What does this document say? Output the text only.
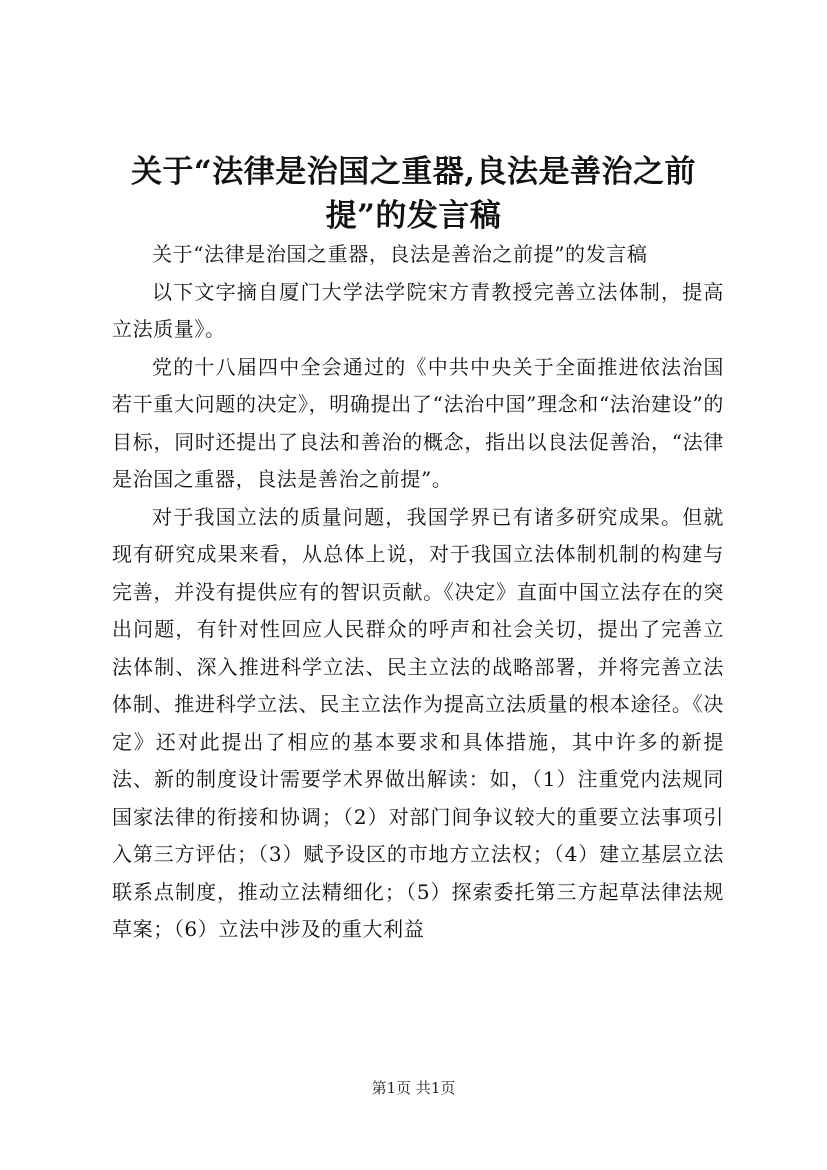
关于“法律是治国之重器,良法是善治之前
提”的发言稿

关于“法律是治国之重器，良法是善治之前提”的发言稿

以下文字摘自厦门大学法学院宋方青教授完善立法体制，提高立法质量》。

党的十八届四中全会通过的《中共中央关于全面推进依法治国若干重大问题的决定》，明确提出了“法治中国”理念和“法治建设”的目标，同时还提出了良法和善治的概念，指出以良法促善治，“法律是治国之重器，良法是善治之前提”。

对于我国立法的质量问题，我国学界已有诸多研究成果。但就现有研究成果来看，从总体上说，对于我国立法体制机制的构建与完善，并没有提供应有的智识贡献。《决定》直面中国立法存在的突出问题，有针对性回应人民群众的呼声和社会关切，提出了完善立法体制、深入推进科学立法、民主立法的战略部署，并将完善立法体制、推进科学立法、民主立法作为提高立法质量的根本途径。《决定》还对此提出了相应的基本要求和具体措施，其中许多的新提法、新的制度设计需要学术界做出解读：如，（1）注重党内法规同国家法律的衔接和协调；（2）对部门间争议较大的重要立法事项引入第三方评估；（3）赋予设区的市地方立法权；（4）建立基层立法联系点制度，推动立法精细化；（5）探索委托第三方起草法律法规草案；（6）立法中涉及的重大利益

第1页 共1页
